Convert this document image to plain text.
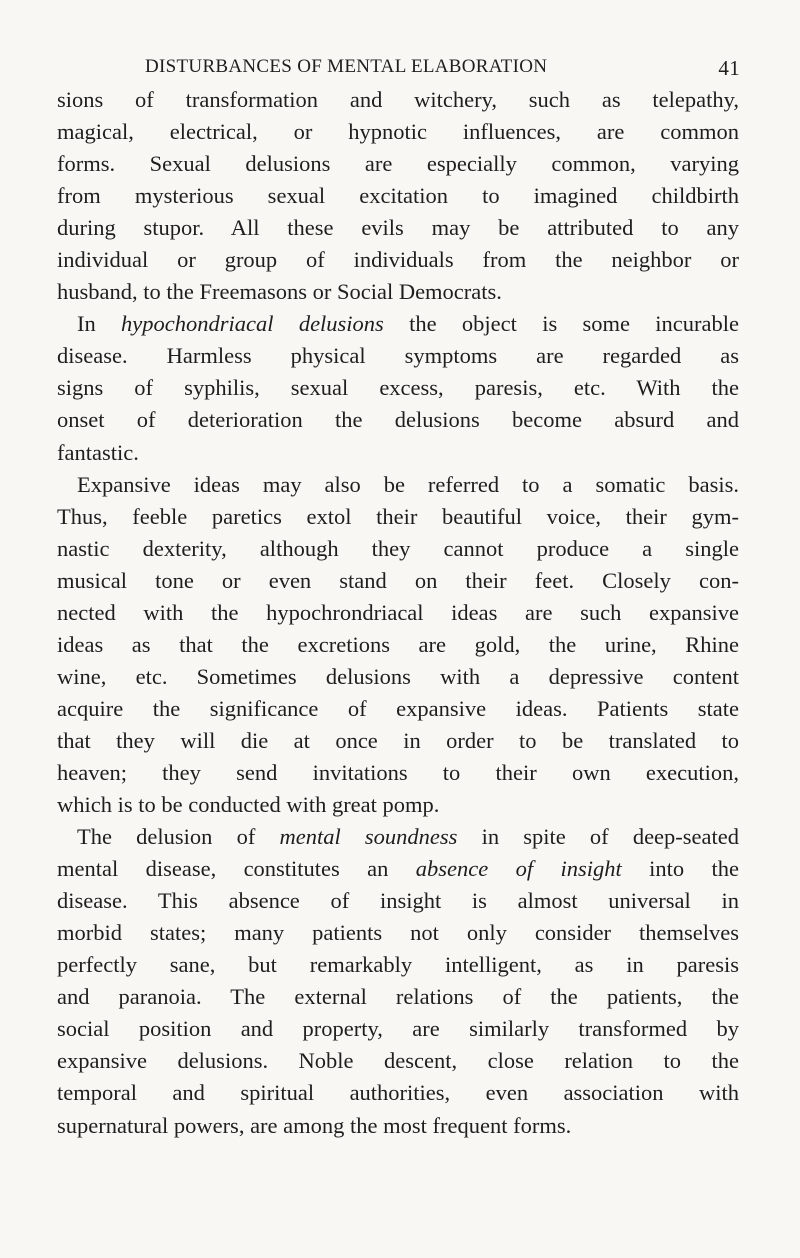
DISTURBANCES OF MENTAL ELABORATION	41
sions of transformation and witchery, such as telepathy,
magical, electrical, or hypnotic influences, are common
forms. Sexual delusions are especially common, varying
from mysterious sexual excitation to imagined childbirth
during stupor. All these evils may be attributed to any
individual or group of individuals from the neighbor or
husband, to the Freemasons or Social Democrats.
In hypochondriacal delusions the object is some incurable
disease. Harmless physical symptoms are regarded as
signs of syphilis, sexual excess, paresis, etc. With the
onset of deterioration the delusions become absurd and
fantastic.
Expansive ideas may also be referred to a somatic basis.
Thus, feeble paretics extol their beautiful voice, their gym-
nastic dexterity, although they cannot produce a single
musical tone or even stand on their feet. Closely con-
nected with the hypochrondriacal ideas are such expansive
ideas as that the excretions are gold, the urine, Rhine
wine, etc. Sometimes delusions with a depressive content
acquire the significance of expansive ideas. Patients state
that they will die at once in order to be translated to
heaven; they send invitations to their own execution,
which is to be conducted with great pomp.
The delusion of mental soundness in spite of deep-seated
mental disease, constitutes an absence of insight into the
disease. This absence of insight is almost universal in
morbid states; many patients not only consider themselves
perfectly sane, but remarkably intelligent, as in paresis
and paranoia. The external relations of the patients, the
social position and property, are similarly transformed by
expansive delusions. Noble descent, close relation to the
temporal and spiritual authorities, even association with
supernatural powers, are among the most frequent forms.
